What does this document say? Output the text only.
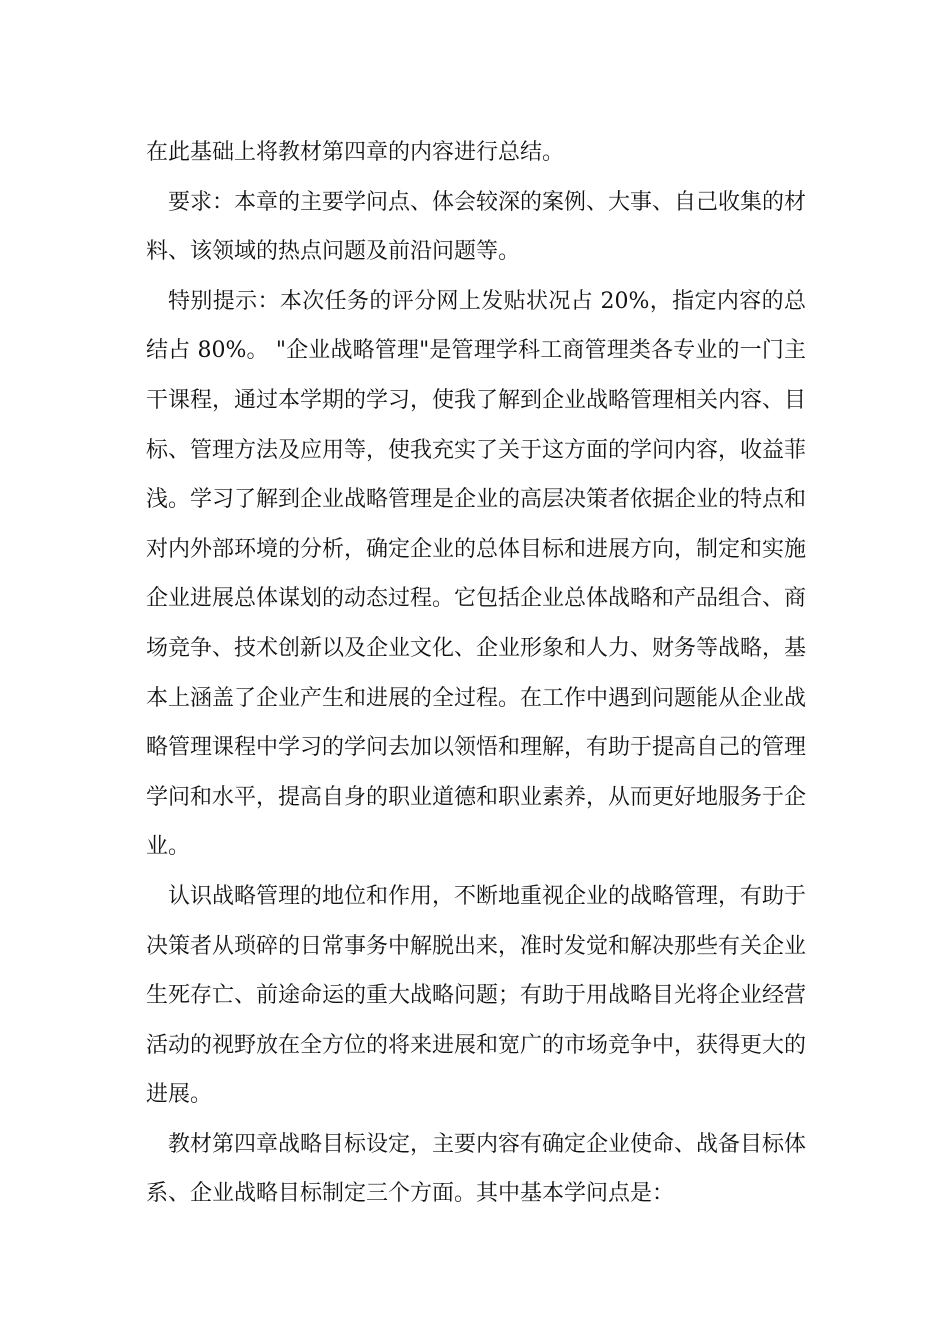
在此基础上将教材第四章的内容进行总结。

要求：本章的主要学问点、体会较深的案例、大事、自己收集的材料、该领域的热点问题及前沿问题等。

特别提示：本次任务的评分网上发贴状况占 20%，指定内容的总结占 80%。 "企业战略管理"是管理学科工商管理类各专业的一门主干课程，通过本学期的学习，使我了解到企业战略管理相关内容、目标、管理方法及应用等，使我充实了关于这方面的学问内容，收益菲浅。学习了解到企业战略管理是企业的高层决策者依据企业的特点和对内外部环境的分析，确定企业的总体目标和进展方向，制定和实施企业进展总体谋划的动态过程。它包括企业总体战略和产品组合、商场竞争、技术创新以及企业文化、企业形象和人力、财务等战略，基本上涵盖了企业产生和进展的全过程。在工作中遇到问题能从企业战略管理课程中学习的学问去加以领悟和理解，有助于提高自己的管理学问和水平，提高自身的职业道德和职业素养，从而更好地服务于企业。

认识战略管理的地位和作用，不断地重视企业的战略管理，有助于决策者从琐碎的日常事务中解脱出来，准时发觉和解决那些有关企业生死存亡、前途命运的重大战略问题；有助于用战略目光将企业经营活动的视野放在全方位的将来进展和宽广的市场竞争中，获得更大的进展。

教材第四章战略目标设定，主要内容有确定企业使命、战备目标体系、企业战略目标制定三个方面。其中基本学问点是：
